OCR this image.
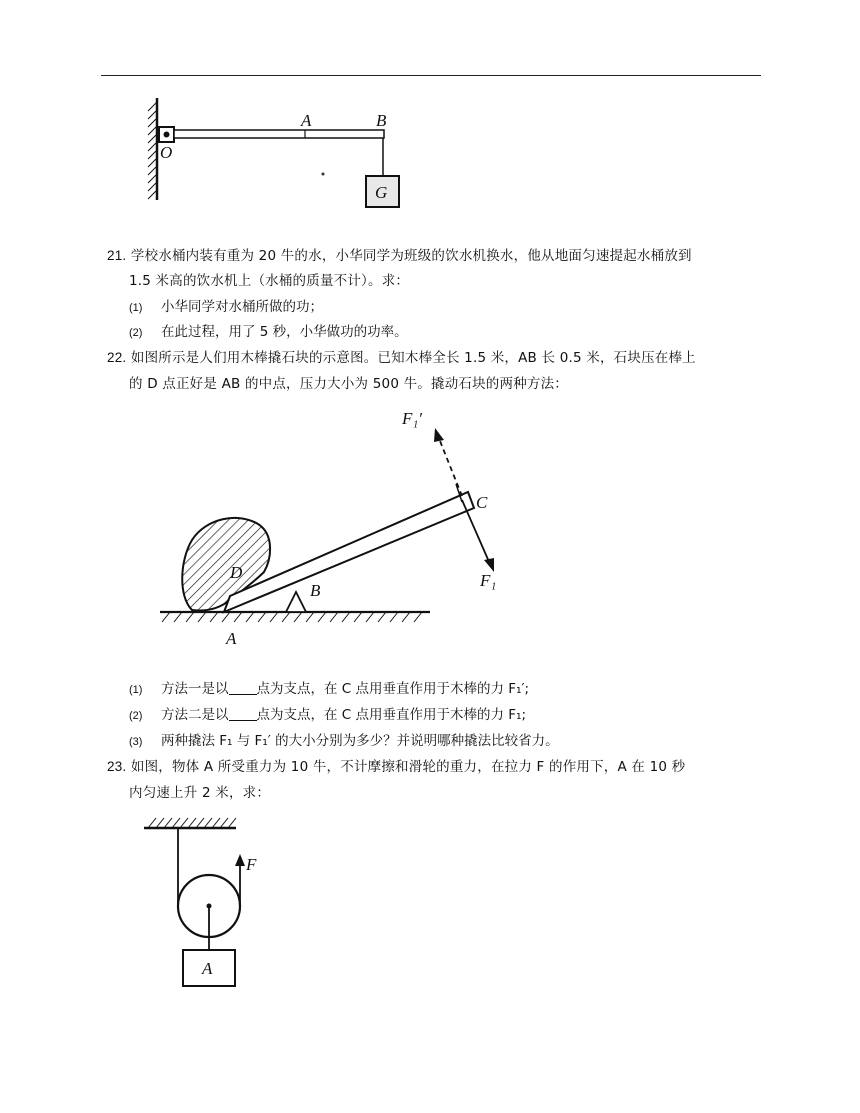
O
A	B
G
21. 学校水桶内装有重为 20 牛的水，小华同学为班级的饮水机换水，他从地面匀速提起水桶放到
1.5 米高的饮水机上（水桶的质量不计）。求：
(1) 小华同学对水桶所做的功；
(2) 在此过程，用了 5 秒，小华做功的功率。
22. 如图所示是人们用木棒撬石块的示意图。已知木棒全长 1.5 米，AB 长 0.5 米，石块压在棒上
的 D 点正好是 AB 的中点，压力大小为 500 牛。撬动石块的两种方法：
F₁′
C
F₁
D
B
A
(1) 方法一是以 点为支点，在 C 点用垂直作用于木棒的力 F₁′;
(2) 方法二是以 点为支点，在 C 点用垂直作用于木棒的力 F₁;
(3) 两种撬法 F₁ 与 F₁′ 的大小分别为多少？并说明哪种撬法比较省力。
23. 如图，物体 A 所受重力为 10 牛，不计摩擦和滑轮的重力，在拉力 F 的作用下，A 在 10 秒
内匀速上升 2 米，求：
F
A
